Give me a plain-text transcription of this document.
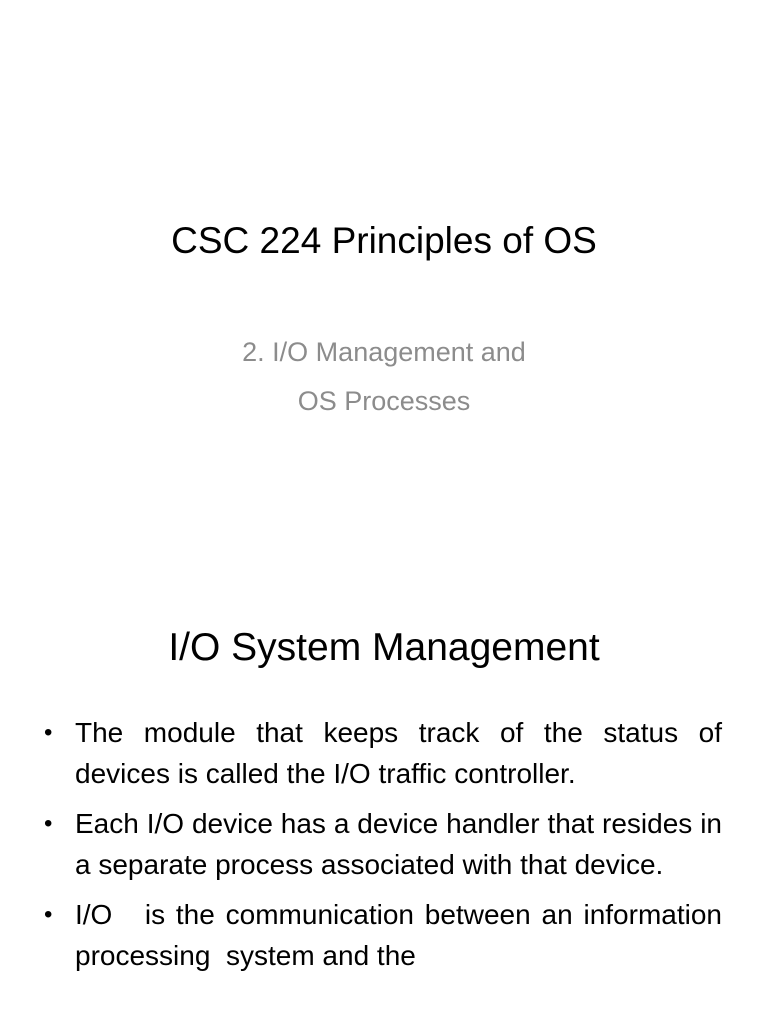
CSC 224 Principles of OS
2. I/O Management and
OS Processes
I/O System Management
• The module that keeps track of the status of devices is called the I/O traffic controller.
• Each I/O device has a device handler that resides in a separate process associated with that device.
• I/O   is the communication between an information processing  system and the
